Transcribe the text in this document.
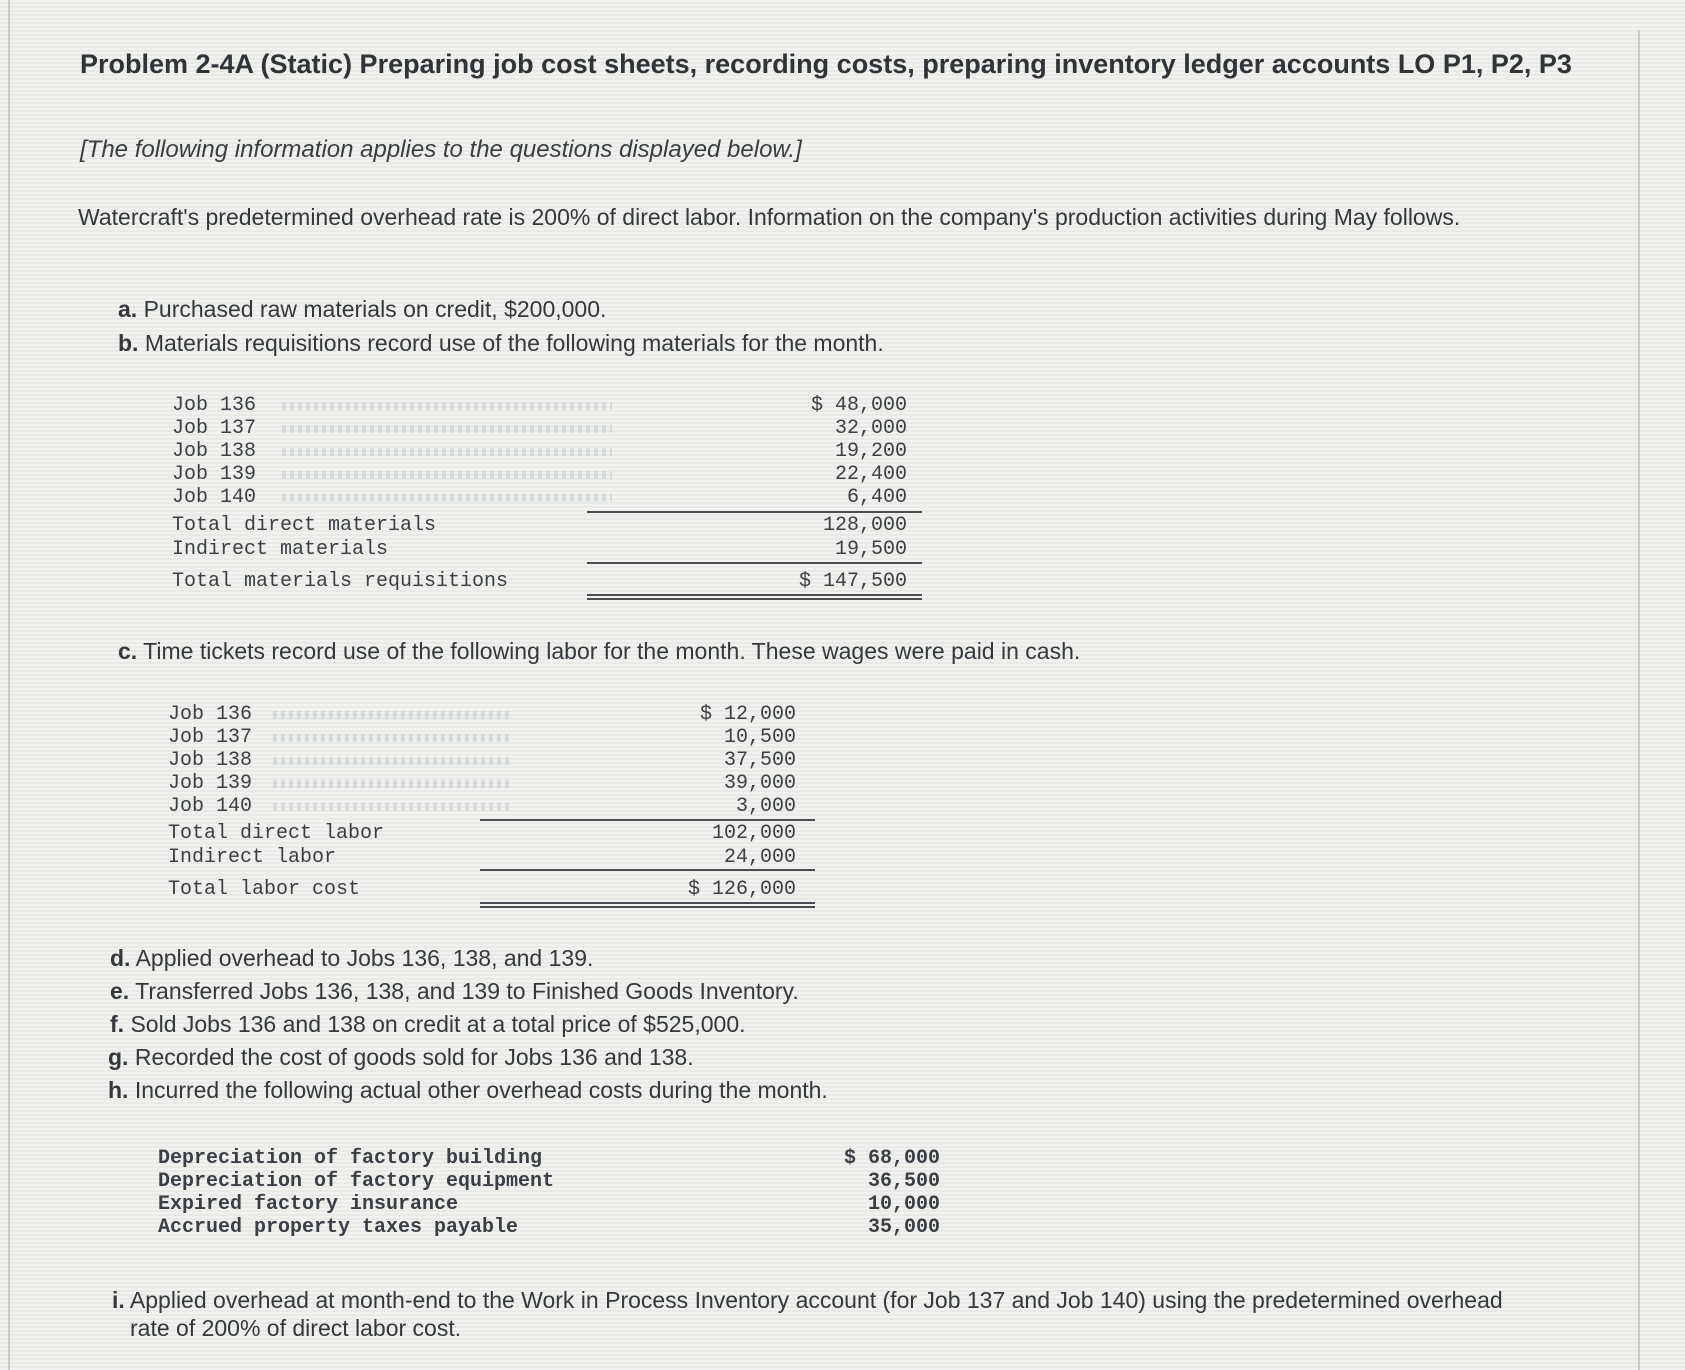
Problem 2-4A (Static) Preparing job cost sheets, recording costs, preparing inventory ledger accounts LO P1, P2, P3
[The following information applies to the questions displayed below.]
Watercraft's predetermined overhead rate is 200% of direct labor. Information on the company's production activities during May follows.
a. Purchased raw materials on credit, $200,000.
b. Materials requisitions record use of the following materials for the month.
Job 136	$ 48,000
Job 137	32,000
Job 138	19,200
Job 139	22,400
Job 140	6,400
Total direct materials	128,000
Indirect materials	19,500
Total materials requisitions	$ 147,500
c. Time tickets record use of the following labor for the month. These wages were paid in cash.
Job 136	$ 12,000
Job 137	10,500
Job 138	37,500
Job 139	39,000
Job 140	3,000
Total direct labor	102,000
Indirect labor	24,000
Total labor cost	$ 126,000
d. Applied overhead to Jobs 136, 138, and 139.
e. Transferred Jobs 136, 138, and 139 to Finished Goods Inventory.
f. Sold Jobs 136 and 138 on credit at a total price of $525,000.
g. Recorded the cost of goods sold for Jobs 136 and 138.
h. Incurred the following actual other overhead costs during the month.
Depreciation of factory building	$ 68,000
Depreciation of factory equipment	36,500
Expired factory insurance	10,000
Accrued property taxes payable	35,000
i. Applied overhead at month-end to the Work in Process Inventory account (for Job 137 and Job 140) using the predetermined overhead rate of 200% of direct labor cost.
